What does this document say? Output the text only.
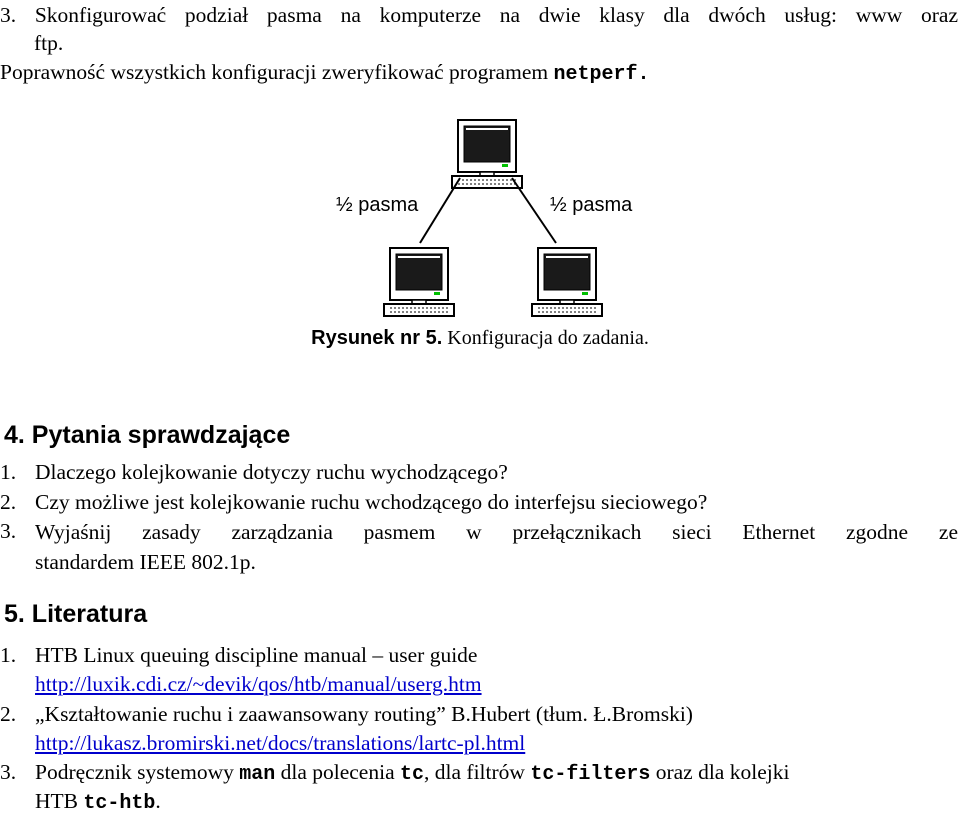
3. Skonfigurować podział pasma na komputerze na dwie klasy dla dwóch usług: www oraz
ftp.
Poprawność wszystkich konfiguracji zweryfikować programem netperf.
½ pasma	½ pasma
Rysunek nr 5. Konfiguracja do zadania.
4. Pytania sprawdzające
1. Dlaczego kolejkowanie dotyczy ruchu wychodzącego?
2. Czy możliwe jest kolejkowanie ruchu wchodzącego do interfejsu sieciowego?
3. Wyjaśnij zasady zarządzania pasmem w przełącznikach sieci Ethernet zgodne ze
standardem IEEE 802.1p.
5. Literatura
1. HTB Linux queuing discipline manual – user guide
http://luxik.cdi.cz/~devik/qos/htb/manual/userg.htm
2. „Kształtowanie ruchu i zaawansowany routing” B.Hubert (tłum. Ł.Bromski)
http://lukasz.bromirski.net/docs/translations/lartc-pl.html
3. Podręcznik systemowy man dla polecenia tc, dla filtrów tc-filters oraz dla kolejki
HTB tc-htb.
